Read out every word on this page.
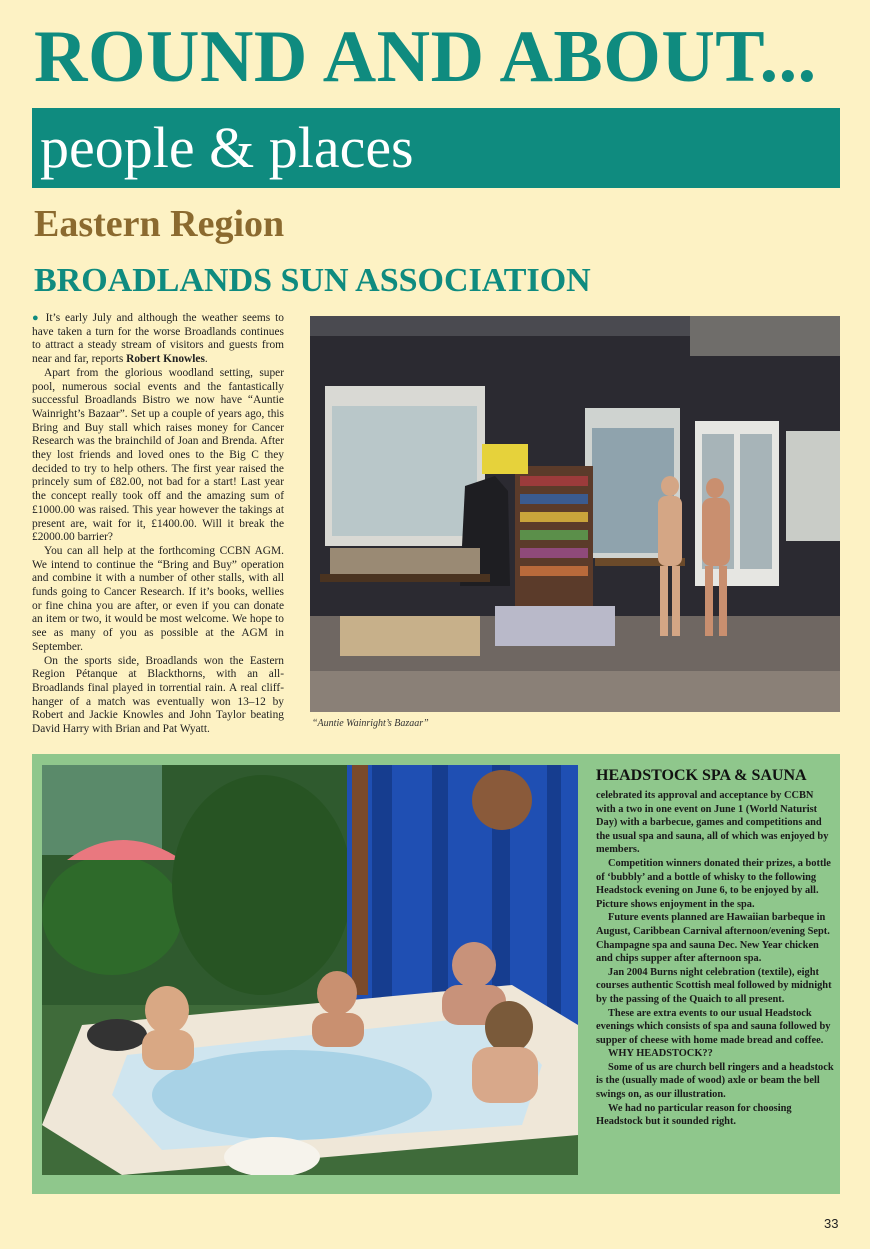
ROUND AND ABOUT...
people & places
Eastern Region
BROADLANDS SUN ASSOCIATION

● It’s early July and although the weather seems to have taken a turn for the worse Broadlands continues to attract a steady stream of visitors and guests from near and far, reports Robert Knowles.

Apart from the glorious woodland setting, super pool, numerous social events and the fantastically successful Broadlands Bistro we now have “Auntie Wainright’s Bazaar”. Set up a couple of years ago, this Bring and Buy stall which raises money for Cancer Research was the brainchild of Joan and Brenda. After they lost friends and loved ones to the Big C they decided to try to help others. The first year raised the princely sum of £82.00, not bad for a start! Last year the concept really took off and the amazing sum of £1000.00 was raised. This year however the takings at present are, wait for it, £1400.00. Will it break the £2000.00 barrier?

You can all help at the forthcoming CCBN AGM. We intend to continue the “Bring and Buy” operation and combine it with a number of other stalls, with all funds going to Cancer Research. If it’s books, wellies or fine china you are after, or even if you can donate an item or two, it would be most welcome. We hope to see as many of you as possible at the AGM in September.

On the sports side, Broadlands won the Eastern Region Pétanque at Blackthorns, with an all-Broadlands final played in torrential rain. A real cliff-hanger of a match was eventually won 13–12 by Robert and Jackie Knowles and John Taylor beating David Harry with Brian and Pat Wyatt.	“Auntie Wainright’s Bazaar”
HEADSTOCK SPA & SAUNA

celebrated its approval and acceptance by CCBN with a two in one event on June 1 (World Naturist Day) with a barbecue, games and competitions and the usual spa and sauna, all of which was enjoyed by members.

Competition winners donated their prizes, a bottle of ‘bubbly’ and a bottle of whisky to the following Headstock evening on June 6, to be enjoyed by all. Picture shows enjoyment in the spa.

Future events planned are Hawaiian barbeque in August, Caribbean Carnival afternoon/evening Sept. Champagne spa and sauna Dec. New Year chicken and chips supper after afternoon spa.

Jan 2004 Burns night celebration (textile), eight courses authentic Scottish meal followed by midnight by the passing of the Quaich to all present.

These are extra events to our usual Headstock evenings which consists of spa and sauna followed by supper of cheese with home made bread and coffee.

WHY HEADSTOCK??

Some of us are church bell ringers and a headstock is the (usually made of wood) axle or beam the bell swings on, as our illustration.

We had no particular reason for choosing Headstock but it sounded right.

33
